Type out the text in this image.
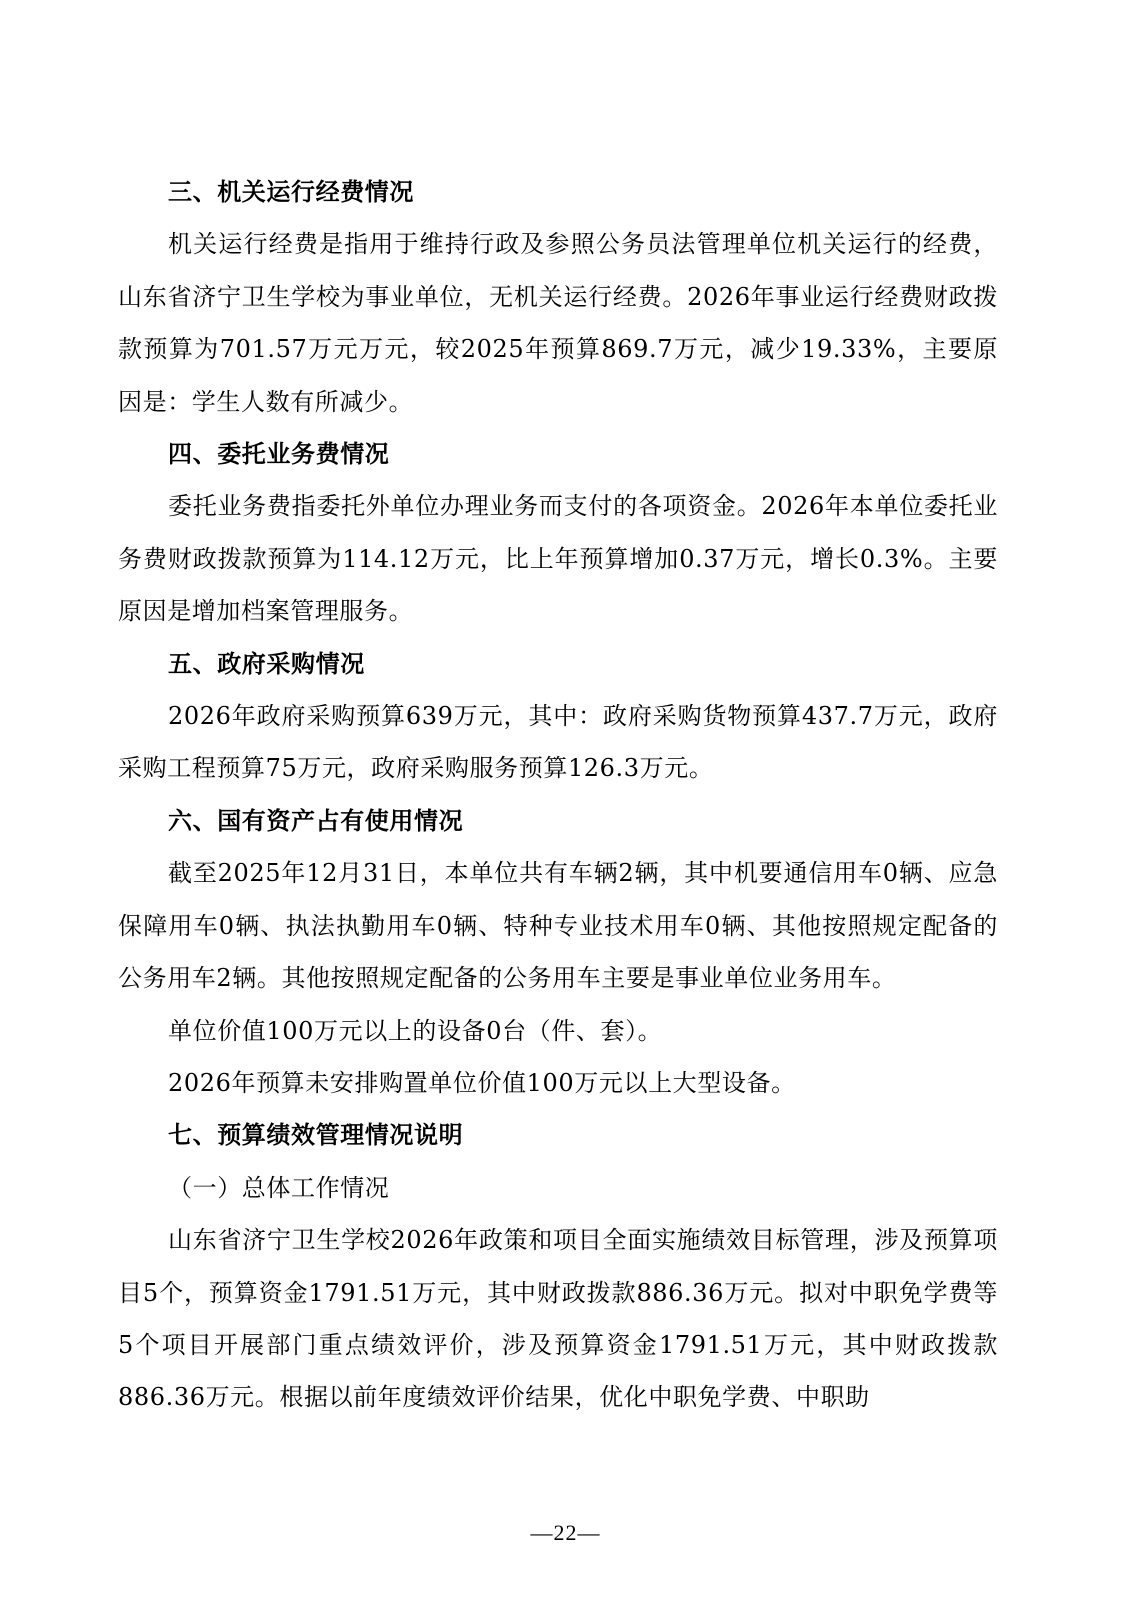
三、机关运行经费情况

机关运行经费是指用于维持行政及参照公务员法管理单位机关运行的经费，山东省济宁卫生学校为事业单位，无机关运行经费。2026年事业运行经费财政拨款预算为701.57万元万元，较2025年预算869.7万元，减少19.33%，主要原因是：学生人数有所减少。

四、委托业务费情况

委托业务费指委托外单位办理业务而支付的各项资金。2026年本单位委托业务费财政拨款预算为114.12万元，比上年预算增加0.37万元，增长0.3%。主要原因是增加档案管理服务。

五、政府采购情况

2026年政府采购预算639万元，其中：政府采购货物预算437.7万元，政府采购工程预算75万元，政府采购服务预算126.3万元。

六、国有资产占有使用情况

截至2025年12月31日，本单位共有车辆2辆，其中机要通信用车0辆、应急保障用车0辆、执法执勤用车0辆、特种专业技术用车0辆、其他按照规定配备的公务用车2辆。其他按照规定配备的公务用车主要是事业单位业务用车。

单位价值100万元以上的设备0台（件、套）。

2026年预算未安排购置单位价值100万元以上大型设备。

七、预算绩效管理情况说明

（一）总体工作情况

山东省济宁卫生学校2026年政策和项目全面实施绩效目标管理，涉及预算项目5个，预算资金1791.51万元，其中财政拨款886.36万元。拟对中职免学费等5个项目开展部门重点绩效评价，涉及预算资金1791.51万元，其中财政拨款886.36万元。根据以前年度绩效评价结果，优化中职免学费、中职助

—22—
